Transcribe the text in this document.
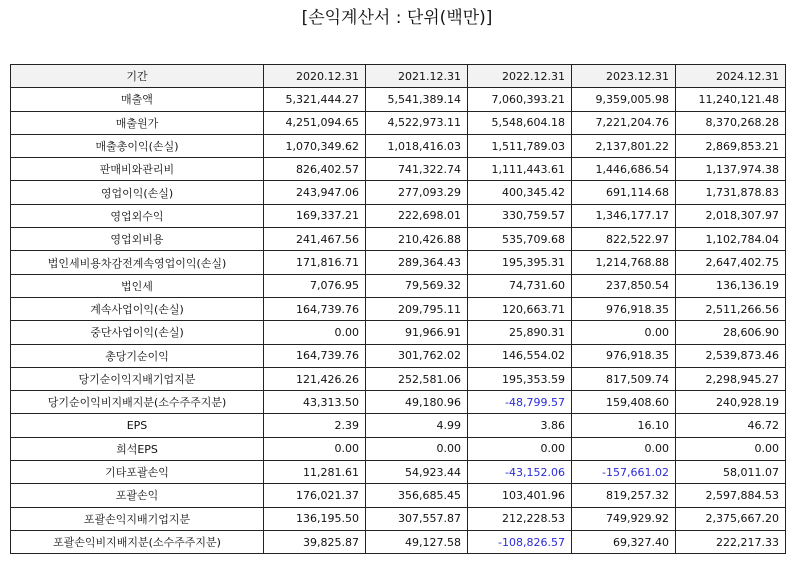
[손익계산서 : 단위(백만)]
기간	2020.12.31	2021.12.31	2022.12.31	2023.12.31	2024.12.31
매출액	5,321,444.27	5,541,389.14	7,060,393.21	9,359,005.98	11,240,121.48
매출원가	4,251,094.65	4,522,973.11	5,548,604.18	7,221,204.76	8,370,268.28
매출총이익(손실)	1,070,349.62	1,018,416.03	1,511,789.03	2,137,801.22	2,869,853.21
판매비와관리비	826,402.57	741,322.74	1,111,443.61	1,446,686.54	1,137,974.38
영업이익(손실)	243,947.06	277,093.29	400,345.42	691,114.68	1,731,878.83
영업외수익	169,337.21	222,698.01	330,759.57	1,346,177.17	2,018,307.97
영업외비용	241,467.56	210,426.88	535,709.68	822,522.97	1,102,784.04
법인세비용차감전계속영업이익(손실)	171,816.71	289,364.43	195,395.31	1,214,768.88	2,647,402.75
법인세	7,076.95	79,569.32	74,731.60	237,850.54	136,136.19
계속사업이익(손실)	164,739.76	209,795.11	120,663.71	976,918.35	2,511,266.56
중단사업이익(손실)	0.00	91,966.91	25,890.31	0.00	28,606.90
총당기순이익	164,739.76	301,762.02	146,554.02	976,918.35	2,539,873.46
당기순이익지배기업지분	121,426.26	252,581.06	195,353.59	817,509.74	2,298,945.27
당기순이익비지배지분(소수주주지분)	43,313.50	49,180.96	-48,799.57	159,408.60	240,928.19
EPS	2.39	4.99	3.86	16.10	46.72
희석EPS	0.00	0.00	0.00	0.00	0.00
기타포괄손익	11,281.61	54,923.44	-43,152.06	-157,661.02	58,011.07
포괄손익	176,021.37	356,685.45	103,401.96	819,257.32	2,597,884.53
포괄손익지배기업지분	136,195.50	307,557.87	212,228.53	749,929.92	2,375,667.20
포괄손익비지배지분(소수주주지분)	39,825.87	49,127.58	-108,826.57	69,327.40	222,217.33
